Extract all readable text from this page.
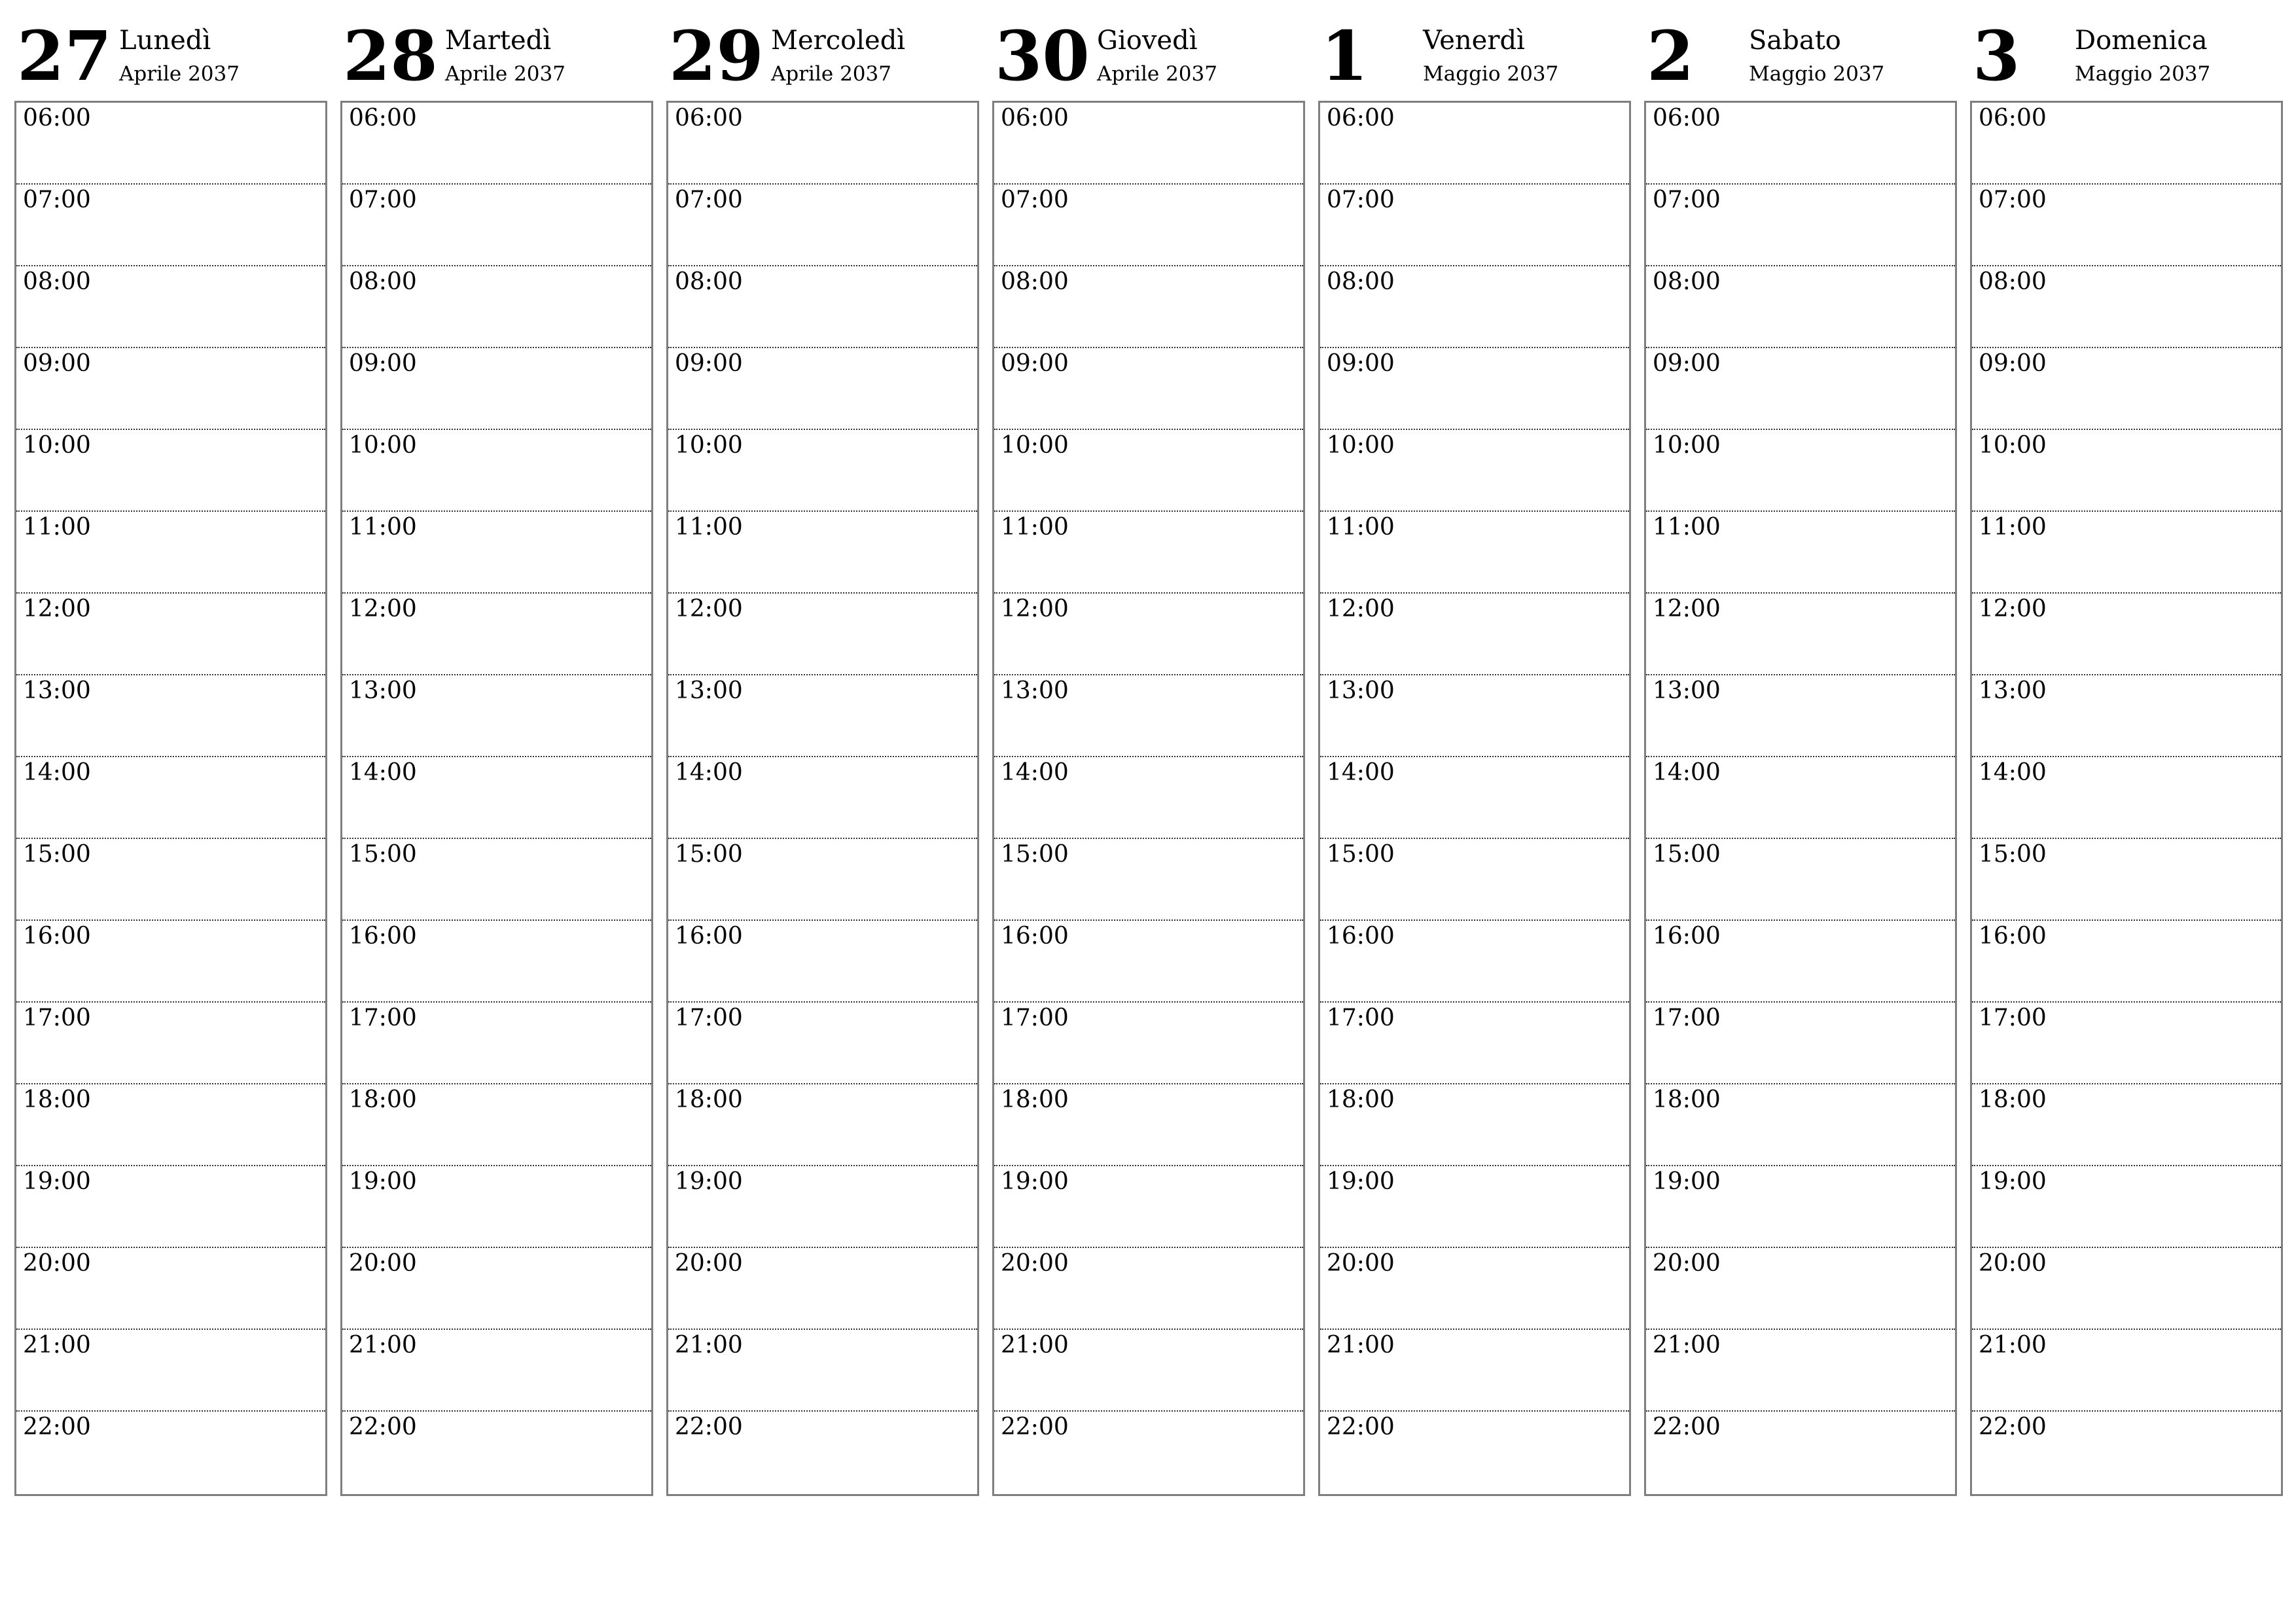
27 Lunedì
Aprile 2037
06:00
07:00
08:00
09:00
10:00
11:00
12:00
13:00
14:00
15:00
16:00
17:00
18:00
19:00
20:00
21:00
22:00
28 Martedì
Aprile 2037
06:00
07:00
08:00
09:00
10:00
11:00
12:00
13:00
14:00
15:00
16:00
17:00
18:00
19:00
20:00
21:00
22:00
29 Mercoledì
Aprile 2037
06:00
07:00
08:00
09:00
10:00
11:00
12:00
13:00
14:00
15:00
16:00
17:00
18:00
19:00
20:00
21:00
22:00
30 Giovedì
Aprile 2037
06:00
07:00
08:00
09:00
10:00
11:00
12:00
13:00
14:00
15:00
16:00
17:00
18:00
19:00
20:00
21:00
22:00
1 Venerdì
Maggio 2037
06:00
07:00
08:00
09:00
10:00
11:00
12:00
13:00
14:00
15:00
16:00
17:00
18:00
19:00
20:00
21:00
22:00
2 Sabato
Maggio 2037
06:00
07:00
08:00
09:00
10:00
11:00
12:00
13:00
14:00
15:00
16:00
17:00
18:00
19:00
20:00
21:00
22:00
3 Domenica
Maggio 2037
06:00
07:00
08:00
09:00
10:00
11:00
12:00
13:00
14:00
15:00
16:00
17:00
18:00
19:00
20:00
21:00
22:00
